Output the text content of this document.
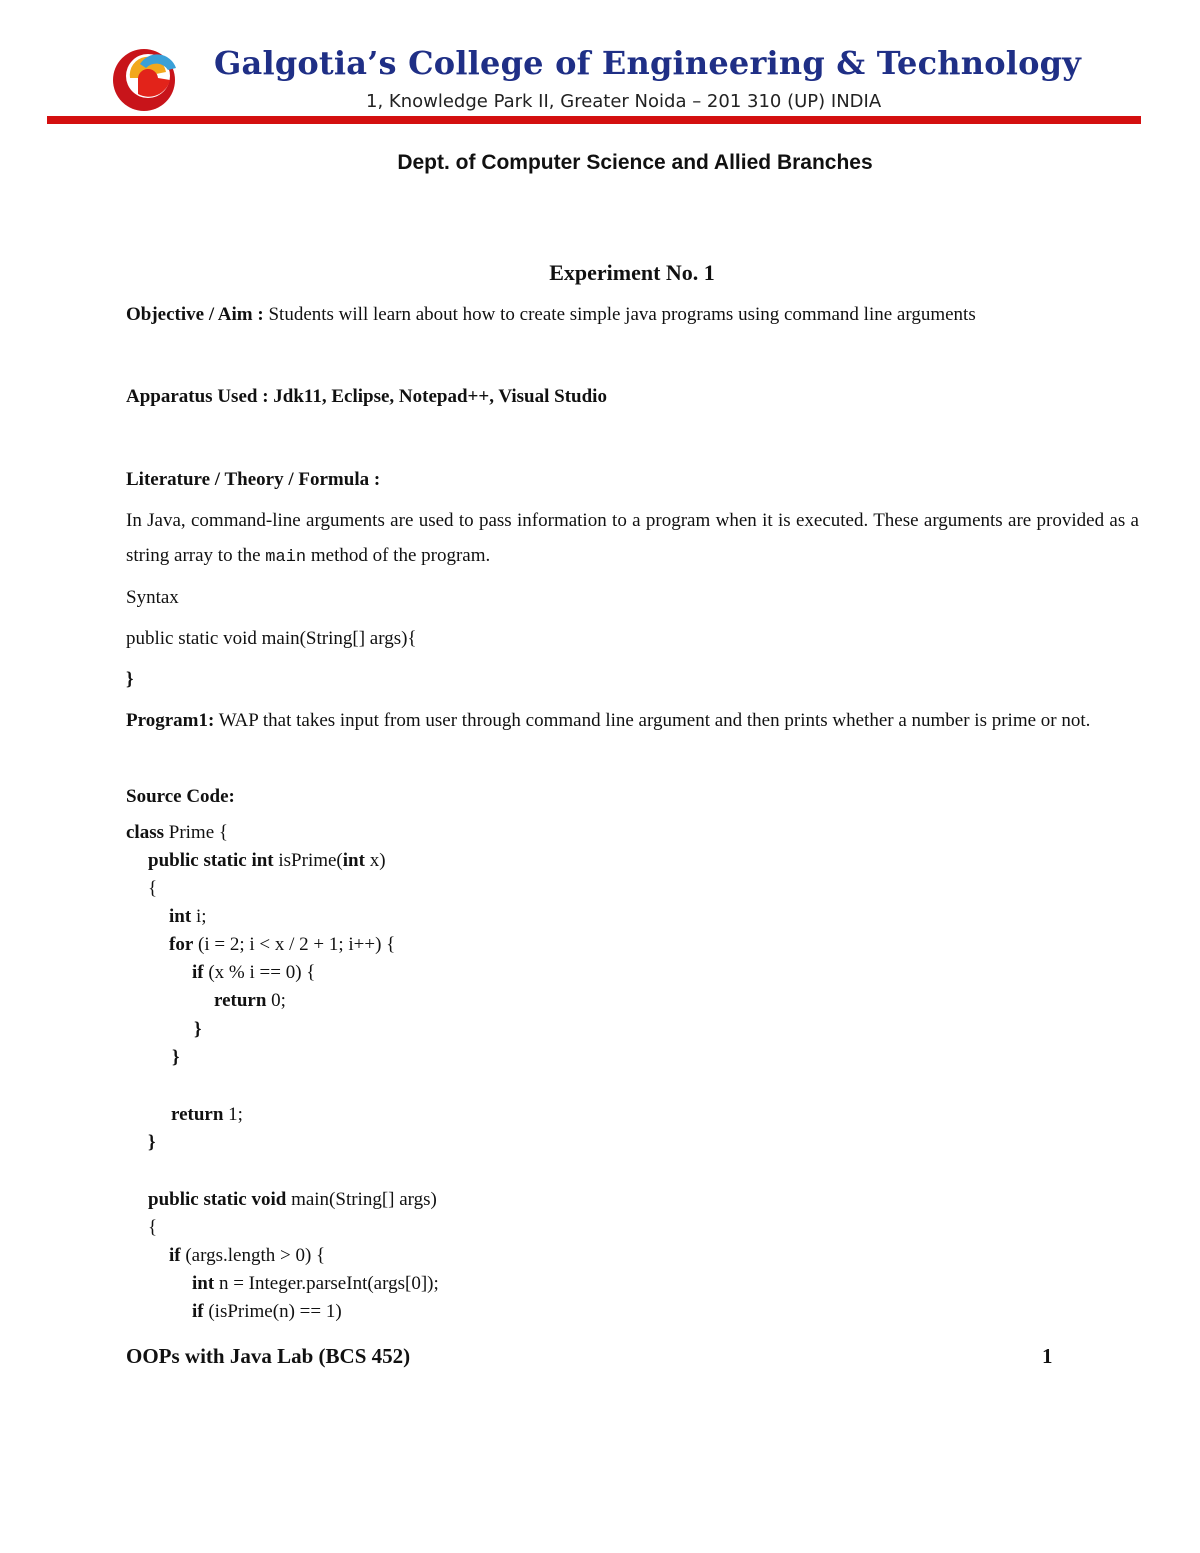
Galgotia’s College of Engineering & Technology
1, Knowledge Park II, Greater Noida – 201 310 (UP) INDIA
Dept. of Computer Science and Allied Branches
Experiment No. 1
Objective / Aim : Students will learn about how to create simple java programs using command line arguments
Apparatus Used : Jdk11, Eclipse, Notepad++, Visual Studio
Literature / Theory / Formula :
In Java, command-line arguments are used to pass information to a program when it is executed. These arguments are provided as a string array to the main method of the program.
Syntax
public static void main(String[] args){
}
Program1: WAP that takes input from user through command line argument and then prints whether a number is prime or not.
Source Code:
class Prime {
public static int isPrime(int x)
{
int i;
for (i = 2; i < x / 2 + 1; i++) {
if (x % i == 0) {
return 0;
}
}
return 1;
}
public static void main(String[] args)
{
if (args.length > 0) {
int n = Integer.parseInt(args[0]);
if (isPrime(n) == 1)
OOPs with Java Lab (BCS 452)	1
